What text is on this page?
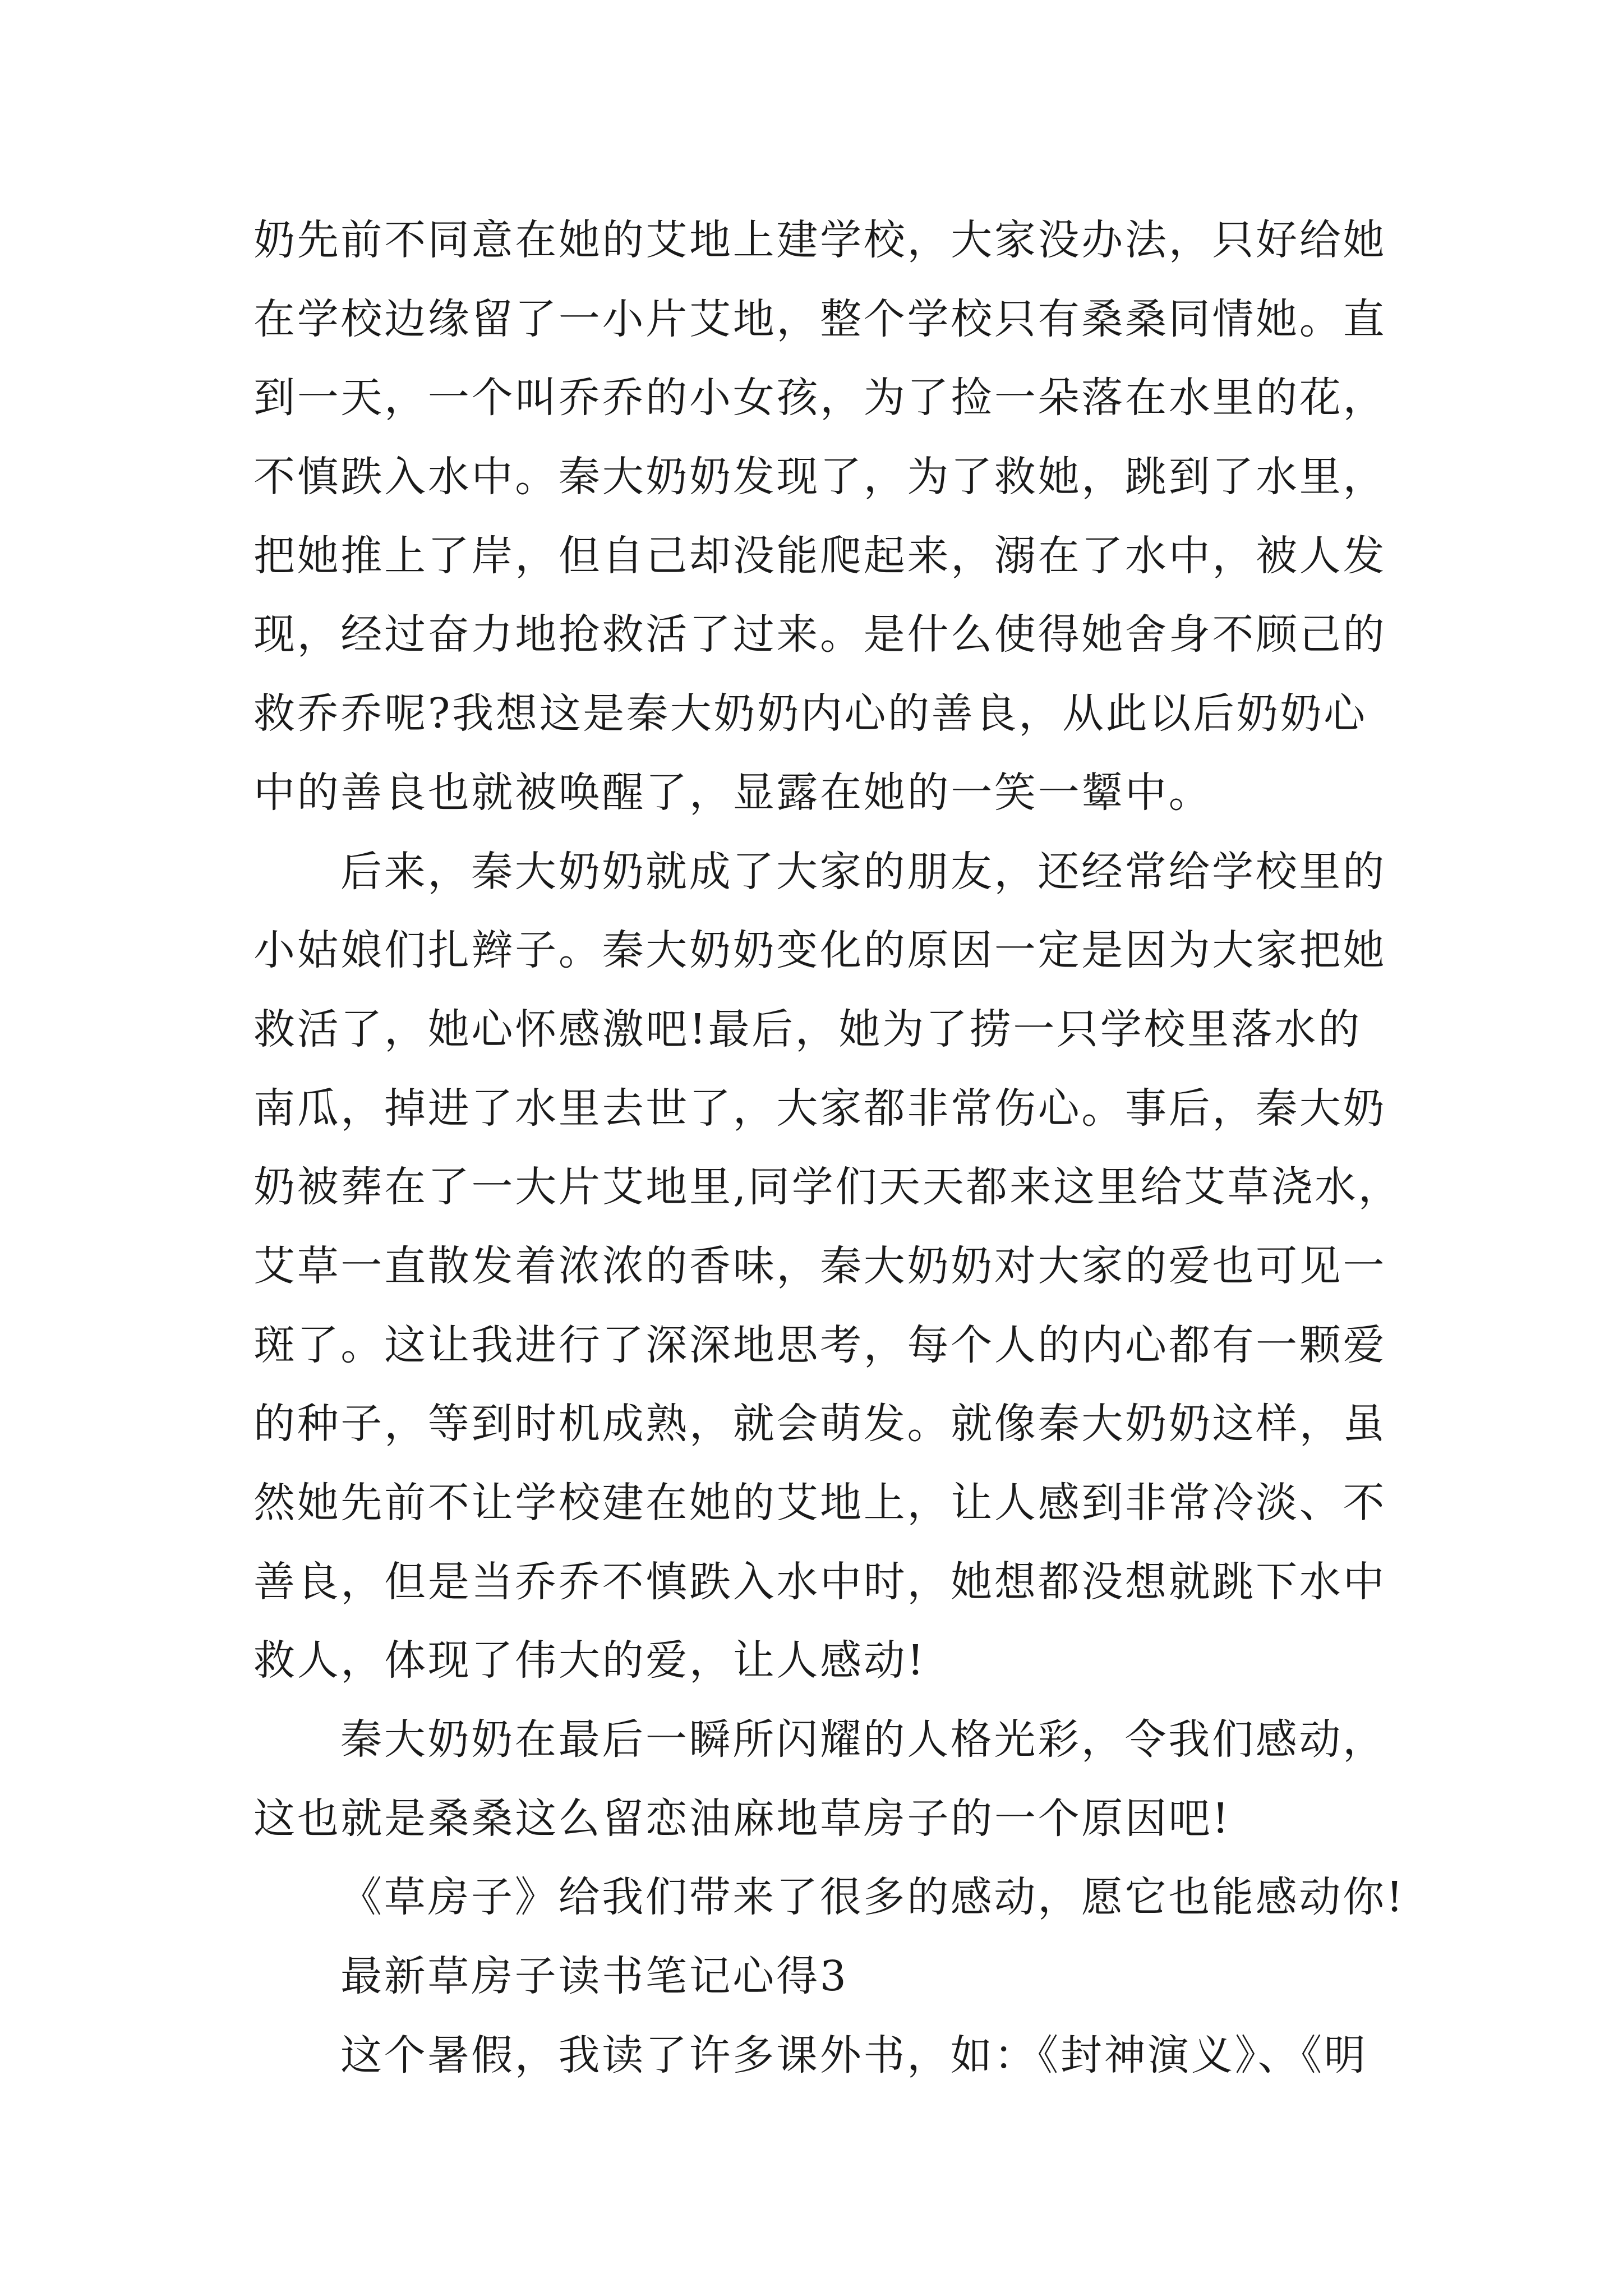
奶先前不同意在她的艾地上建学校，大家没办法，只好给她
在学校边缘留了一小片艾地，整个学校只有桑桑同情她。直
到一天，一个叫乔乔的小女孩，为了捡一朵落在水里的花，
不慎跌入水中。秦大奶奶发现了，为了救她，跳到了水里，
把她推上了岸，但自己却没能爬起来，溺在了水中，被人发
现，经过奋力地抢救活了过来。是什么使得她舍身不顾己的
救乔乔呢?我想这是秦大奶奶内心的善良，从此以后奶奶心
中的善良也就被唤醒了，显露在她的一笑一颦中。
后来，秦大奶奶就成了大家的朋友，还经常给学校里的
小姑娘们扎辫子。秦大奶奶变化的原因一定是因为大家把她
救活了，她心怀感激吧!最后，她为了捞一只学校里落水的
南瓜，掉进了水里去世了，大家都非常伤心。事后，秦大奶
奶被葬在了一大片艾地里,同学们天天都来这里给艾草浇水，
艾草一直散发着浓浓的香味，秦大奶奶对大家的爱也可见一
斑了。这让我进行了深深地思考，每个人的内心都有一颗爱
的种子，等到时机成熟，就会萌发。就像秦大奶奶这样，虽
然她先前不让学校建在她的艾地上，让人感到非常冷淡、不
善良，但是当乔乔不慎跌入水中时，她想都没想就跳下水中
救人，体现了伟大的爱，让人感动!
秦大奶奶在最后一瞬所闪耀的人格光彩，令我们感动，
这也就是桑桑这么留恋油麻地草房子的一个原因吧!
《草房子》给我们带来了很多的感动，愿它也能感动你!
最新草房子读书笔记心得3
这个暑假，我读了许多课外书，如：《封神演义》、《明
